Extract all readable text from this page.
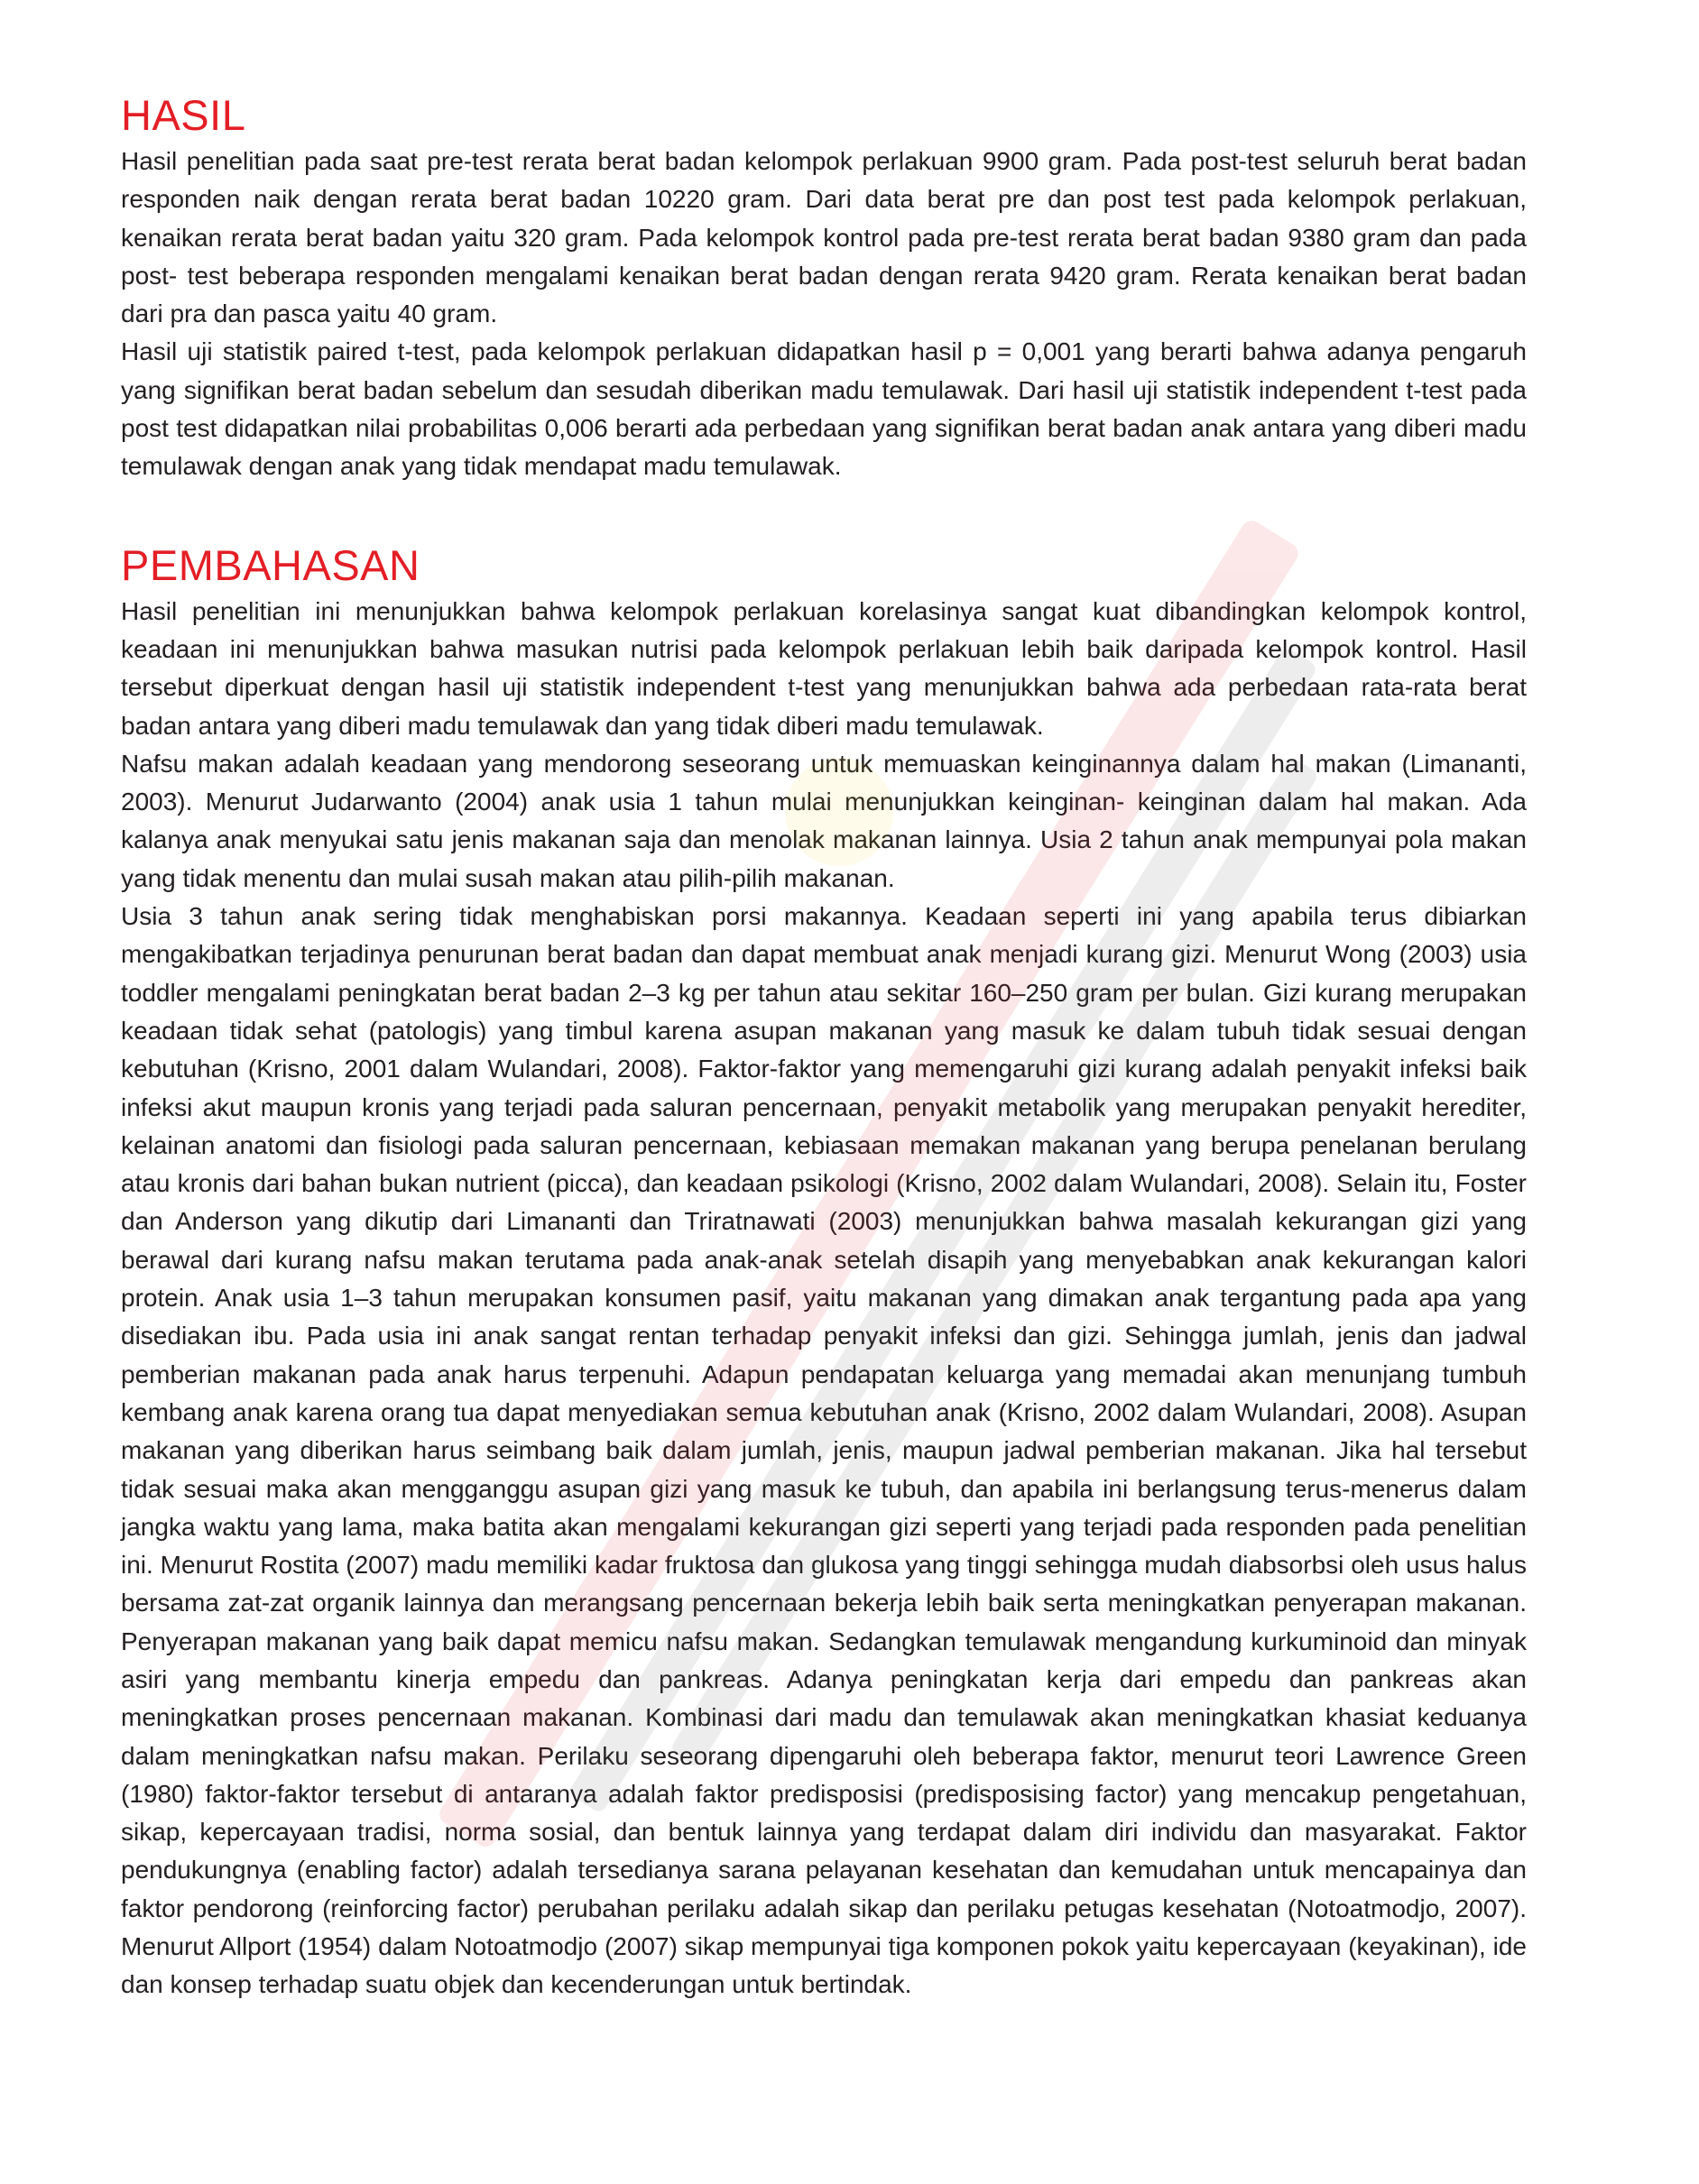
HASIL

Hasil penelitian pada saat pre-test rerata berat badan kelompok perlakuan 9900 gram. Pada post-test seluruh berat badan responden naik dengan rerata berat badan 10220 gram. Dari data berat pre dan post test pada kelompok perlakuan, kenaikan rerata berat badan yaitu 320 gram. Pada kelompok kontrol pada pre-test rerata berat badan 9380 gram dan pada post- test beberapa responden mengalami kenaikan berat badan dengan rerata 9420 gram. Rerata kenaikan berat badan dari pra dan pasca yaitu 40 gram.

Hasil uji statistik paired t-test, pada kelompok perlakuan didapatkan hasil p = 0,001 yang berarti bahwa adanya pengaruh yang signifikan berat badan sebelum dan sesudah diberikan madu temulawak. Dari hasil uji statistik independent t-test pada post test didapatkan nilai probabilitas 0,006 berarti ada perbedaan yang signifikan berat badan anak antara yang diberi madu temulawak dengan anak yang tidak mendapat madu temulawak.

PEMBAHASAN

Hasil penelitian ini menunjukkan bahwa kelompok perlakuan korelasinya sangat kuat dibandingkan kelompok kontrol, keadaan ini menunjukkan bahwa masukan nutrisi pada kelompok perlakuan lebih baik daripada kelompok kontrol. Hasil tersebut diperkuat dengan hasil uji statistik independent t-test yang menunjukkan bahwa ada perbedaan rata-rata berat badan antara yang diberi madu temulawak dan yang tidak diberi madu temulawak.

Nafsu makan adalah keadaan yang mendorong seseorang untuk memuaskan keinginannya dalam hal makan (Limananti, 2003). Menurut Judarwanto (2004) anak usia 1 tahun mulai menunjukkan keinginan- keinginan dalam hal makan. Ada kalanya anak menyukai satu jenis makanan saja dan menolak makanan lainnya. Usia 2 tahun anak mempunyai pola makan yang tidak menentu dan mulai susah makan atau pilih-pilih makanan.

Usia 3 tahun anak sering tidak menghabiskan porsi makannya. Keadaan seperti ini yang apabila terus dibiarkan mengakibatkan terjadinya penurunan berat badan dan dapat membuat anak menjadi kurang gizi. Menurut Wong (2003) usia toddler mengalami peningkatan berat badan 2–3 kg per tahun atau sekitar 160–250 gram per bulan. Gizi kurang merupakan keadaan tidak sehat (patologis) yang timbul karena asupan makanan yang masuk ke dalam tubuh tidak sesuai dengan kebutuhan (Krisno, 2001 dalam Wulandari, 2008). Faktor-faktor yang memengaruhi gizi kurang adalah penyakit infeksi baik infeksi akut maupun kronis yang terjadi pada saluran pencernaan, penyakit metabolik yang merupakan penyakit herediter, kelainan anatomi dan fisiologi pada saluran pencernaan, kebiasaan memakan makanan yang berupa penelanan berulang atau kronis dari bahan bukan nutrient (picca), dan keadaan psikologi (Krisno, 2002 dalam Wulandari, 2008). Selain itu, Foster dan Anderson yang dikutip dari Limananti dan Triratnawati (2003) menunjukkan bahwa masalah kekurangan gizi yang berawal dari kurang nafsu makan terutama pada anak-anak setelah disapih yang menyebabkan anak kekurangan kalori protein. Anak usia 1–3 tahun merupakan konsumen pasif, yaitu makanan yang dimakan anak tergantung pada apa yang disediakan ibu. Pada usia ini anak sangat rentan terhadap penyakit infeksi dan gizi. Sehingga jumlah, jenis dan jadwal pemberian makanan pada anak harus terpenuhi. Adapun pendapatan keluarga yang memadai akan menunjang tumbuh kembang anak karena orang tua dapat menyediakan semua kebutuhan anak (Krisno, 2002 dalam Wulandari, 2008). Asupan makanan yang diberikan harus seimbang baik dalam jumlah, jenis, maupun jadwal pemberian makanan. Jika hal tersebut tidak sesuai maka akan mengganggu asupan gizi yang masuk ke tubuh, dan apabila ini berlangsung terus-menerus dalam jangka waktu yang lama, maka batita akan mengalami kekurangan gizi seperti yang terjadi pada responden pada penelitian ini. Menurut Rostita (2007) madu memiliki kadar fruktosa dan glukosa yang tinggi sehingga mudah diabsorbsi oleh usus halus bersama zat-zat organik lainnya dan merangsang pencernaan bekerja lebih baik serta meningkatkan penyerapan makanan. Penyerapan makanan yang baik dapat memicu nafsu makan. Sedangkan temulawak mengandung kurkuminoid dan minyak asiri yang membantu kinerja empedu dan pankreas. Adanya peningkatan kerja dari empedu dan pankreas akan meningkatkan proses pencernaan makanan. Kombinasi dari madu dan temulawak akan meningkatkan khasiat keduanya dalam meningkatkan nafsu makan. Perilaku seseorang dipengaruhi oleh beberapa faktor, menurut teori Lawrence Green (1980) faktor-faktor tersebut di antaranya adalah faktor predisposisi (predisposising factor) yang mencakup pengetahuan, sikap, kepercayaan tradisi, norma sosial, dan bentuk lainnya yang terdapat dalam diri individu dan masyarakat. Faktor pendukungnya (enabling factor) adalah tersedianya sarana pelayanan kesehatan dan kemudahan untuk mencapainya dan faktor pendorong (reinforcing factor) perubahan perilaku adalah sikap dan perilaku petugas kesehatan (Notoatmodjo, 2007). Menurut Allport (1954) dalam Notoatmodjo (2007) sikap mempunyai tiga komponen pokok yaitu kepercayaan (keyakinan), ide dan konsep terhadap suatu objek dan kecenderungan untuk bertindak.
